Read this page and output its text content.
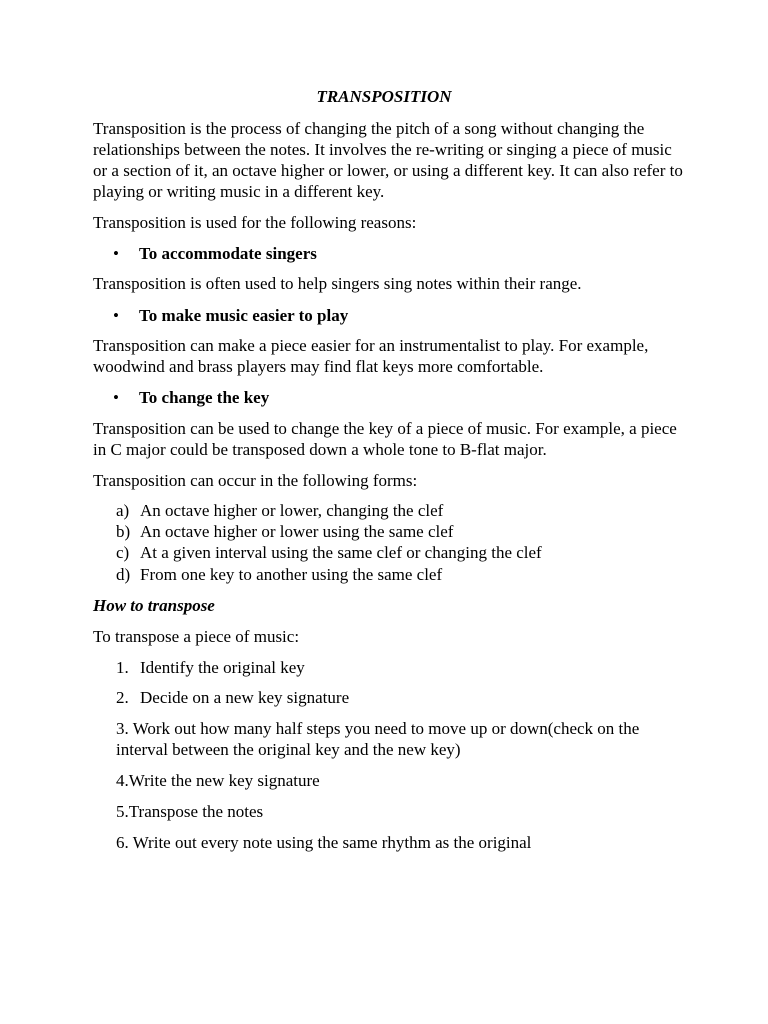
TRANSPOSITION

Transposition is the process of changing the pitch of a song without changing the relationships between the notes. It involves the re-writing or singing a piece of music or a section of it, an octave higher or lower, or using a different key. It can also refer to playing or writing music in a different key.

Transposition is used for the following reasons:

• To accommodate singers

Transposition is often used to help singers sing notes within their range.

• To make music easier to play

Transposition can make a piece easier for an instrumentalist to play. For example, woodwind and brass players may find flat keys more comfortable.

• To change the key

Transposition can be used to change the key of a piece of music. For example, a piece in C major could be transposed down a whole tone to B-flat major.

Transposition can occur in the following forms:

a) An octave higher or lower, changing the clef

b) An octave higher or lower using the same clef

c) At a given interval using the same clef or changing the clef

d) From one key to another using the same clef

How to transpose

To transpose a piece of music:

1. Identify the original key

2. Decide on a new key signature

3. Work out how many half steps you need to move up or down(check on the interval between the original key and the new key)

4.Write the new key signature

5.Transpose the notes

6. Write out every note using the same rhythm as the original
